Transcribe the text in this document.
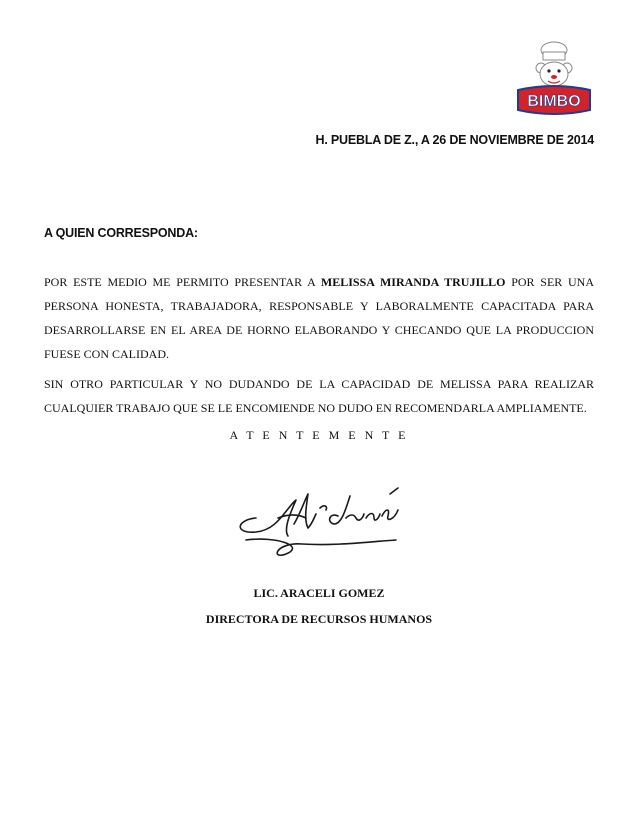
BIMBO
H. PUEBLA DE Z., A 26 DE NOVIEMBRE DE 2014
A QUIEN CORRESPONDA:
POR ESTE MEDIO ME PERMITO PRESENTAR A MELISSA MIRANDA TRUJILLO POR SER UNA PERSONA HONESTA, TRABAJADORA, RESPONSABLE Y LABORALMENTE CAPACITADA PARA DESARROLLARSE EN EL AREA DE HORNO ELABORANDO Y CHECANDO QUE LA PRODUCCION FUESE CON CALIDAD.
SIN OTRO PARTICULAR Y NO DUDANDO DE LA CAPACIDAD DE MELISSA PARA REALIZAR CUALQUIER TRABAJO QUE SE LE ENCOMIENDE NO DUDO EN RECOMENDARLA AMPLIAMENTE.
A T E N T E M E N T E
LIC. ARACELI GOMEZ
DIRECTORA DE RECURSOS HUMANOS
